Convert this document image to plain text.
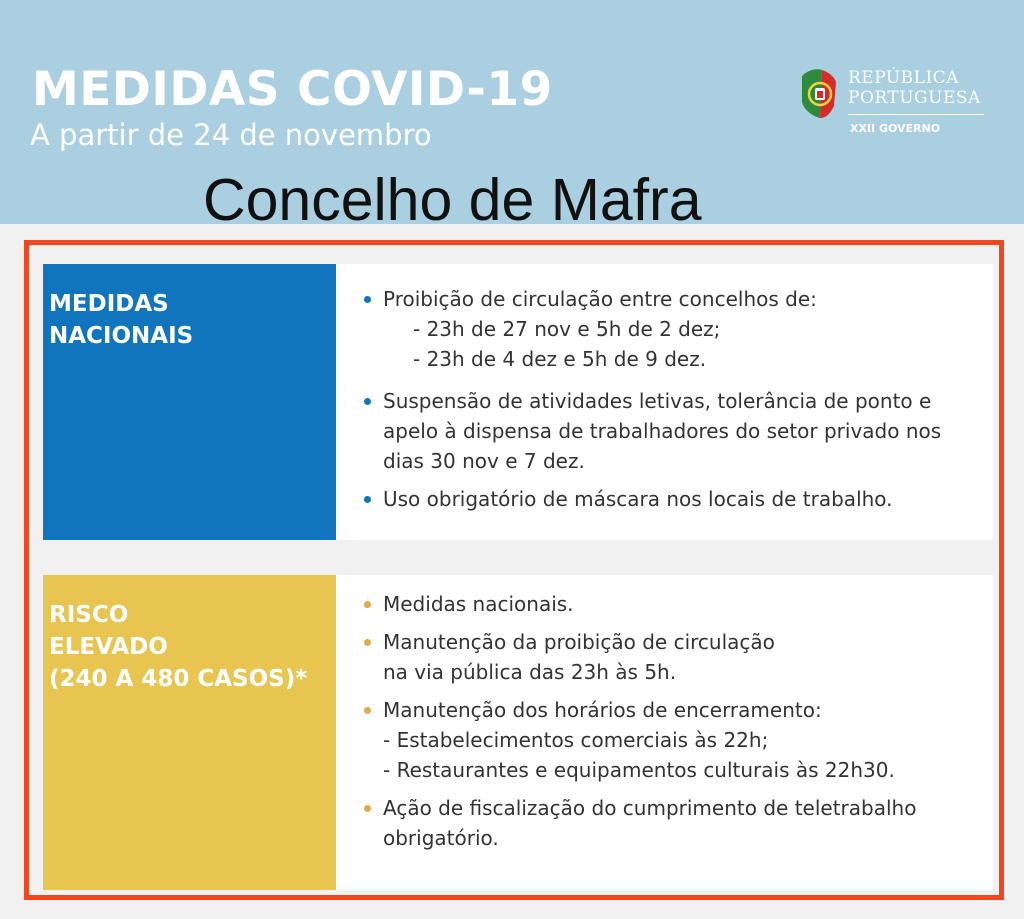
MEDIDAS COVID-19
A partir de 24 de novembro
Concelho de Mafra
REPÚBLICA
PORTUGUESA
XXII GOVERNO
MEDIDAS
NACIONAIS
Proibição de circulação entre concelhos de:
- 23h de 27 nov e 5h de 2 dez;
- 23h de 4 dez e 5h de 9 dez.
Suspensão de atividades letivas, tolerância de ponto e apelo à dispensa de trabalhadores do setor privado nos dias 30 nov e 7 dez.
Uso obrigatório de máscara nos locais de trabalho.
RISCO
ELEVADO
(240 A 480 CASOS)*
Medidas nacionais.
Manutenção da proibição de circulação
na via pública das 23h às 5h.
Manutenção dos horários de encerramento:
- Estabelecimentos comerciais às 22h;
- Restaurantes e equipamentos culturais às 22h30.
Ação de fiscalização do cumprimento de teletrabalho obrigatório.
